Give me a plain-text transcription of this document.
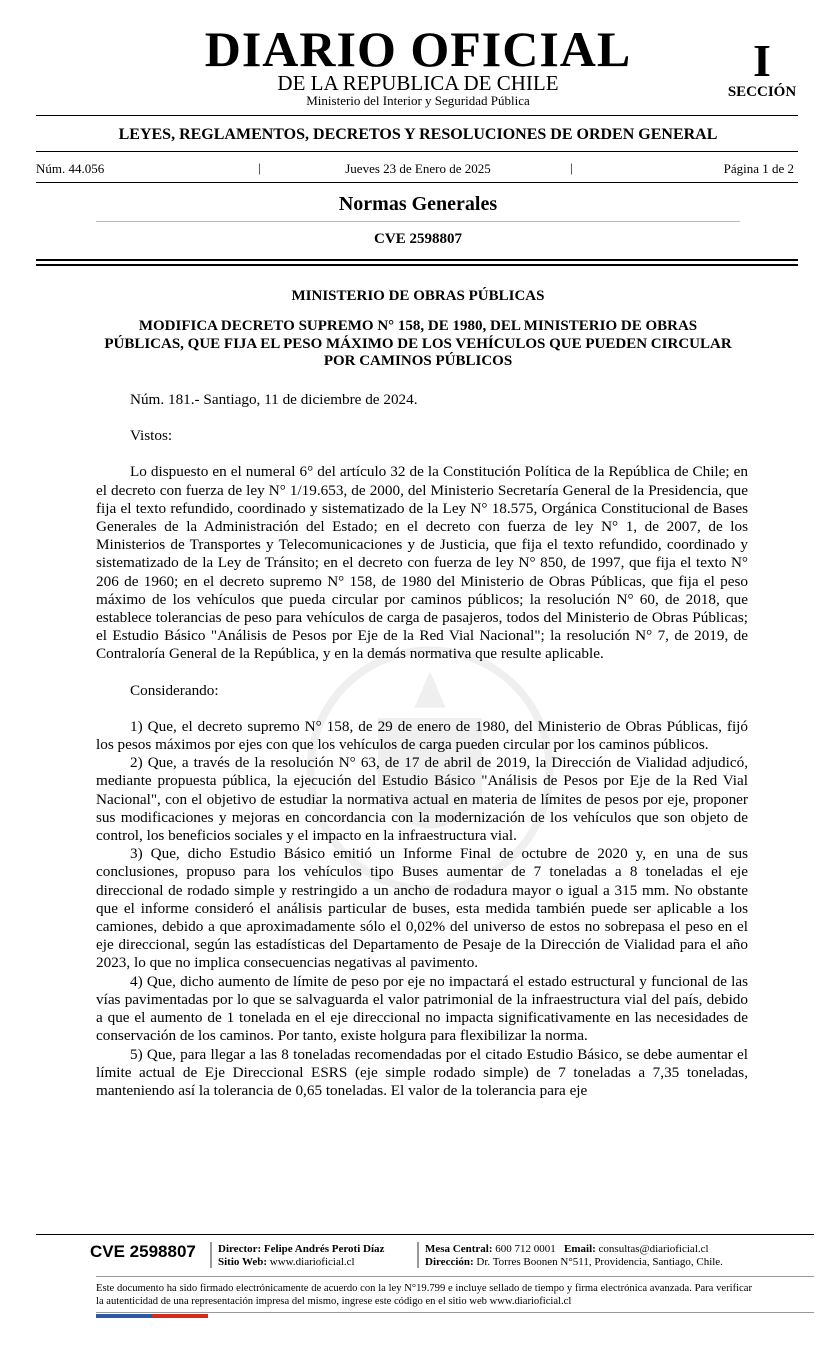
DIARIO OFICIAL
DE LA REPUBLICA DE CHILE
Ministerio del Interior y Seguridad Pública
I
SECCIÓN
LEYES, REGLAMENTOS, DECRETOS Y RESOLUCIONES DE ORDEN GENERAL
Núm. 44.056	|	Jueves 23 de Enero de 2025	|	Página 1 de 2
Normas Generales
CVE 2598807
MINISTERIO DE OBRAS PÚBLICAS
MODIFICA DECRETO SUPREMO N° 158, DE 1980, DEL MINISTERIO DE OBRAS PÚBLICAS, QUE FIJA EL PESO MÁXIMO DE LOS VEHÍCULOS QUE PUEDEN CIRCULAR POR CAMINOS PÚBLICOS

Núm. 181.- Santiago, 11 de diciembre de 2024.

Vistos:

Lo dispuesto en el numeral 6° del artículo 32 de la Constitución Política de la República de Chile; en el decreto con fuerza de ley N° 1/19.653, de 2000, del Ministerio Secretaría General de la Presidencia, que fija el texto refundido, coordinado y sistematizado de la Ley N° 18.575, Orgánica Constitucional de Bases Generales de la Administración del Estado; en el decreto con fuerza de ley N° 1, de 2007, de los Ministerios de Transportes y Telecomunicaciones y de Justicia, que fija el texto refundido, coordinado y sistematizado de la Ley de Tránsito; en el decreto con fuerza de ley N° 850, de 1997, que fija el texto N° 206 de 1960; en el decreto supremo N° 158, de 1980 del Ministerio de Obras Públicas, que fija el peso máximo de los vehículos que pueda circular por caminos públicos; la resolución N° 60, de 2018, que establece tolerancias de peso para vehículos de carga de pasajeros, todos del Ministerio de Obras Públicas; el Estudio Básico "Análisis de Pesos por Eje de la Red Vial Nacional"; la resolución N° 7, de 2019, de Contraloría General de la República, y en la demás normativa que resulte aplicable.

Considerando:

1) Que, el decreto supremo N° 158, de 29 de enero de 1980, del Ministerio de Obras Públicas, fijó los pesos máximos por ejes con que los vehículos de carga pueden circular por los caminos públicos.

2) Que, a través de la resolución N° 63, de 17 de abril de 2019, la Dirección de Vialidad adjudicó, mediante propuesta pública, la ejecución del Estudio Básico "Análisis de Pesos por Eje de la Red Vial Nacional", con el objetivo de estudiar la normativa actual en materia de límites de pesos por eje, proponer sus modificaciones y mejoras en concordancia con la modernización de los vehículos que son objeto de control, los beneficios sociales y el impacto en la infraestructura vial.

3) Que, dicho Estudio Básico emitió un Informe Final de octubre de 2020 y, en una de sus conclusiones, propuso para los vehículos tipo Buses aumentar de 7 toneladas a 8 toneladas el eje direccional de rodado simple y restringido a un ancho de rodadura mayor o igual a 315 mm. No obstante que el informe consideró el análisis particular de buses, esta medida también puede ser aplicable a los camiones, debido a que aproximadamente sólo el 0,02% del universo de estos no sobrepasa el peso en el eje direccional, según las estadísticas del Departamento de Pesaje de la Dirección de Vialidad para el año 2023, lo que no implica consecuencias negativas al pavimento.

4) Que, dicho aumento de límite de peso por eje no impactará el estado estructural y funcional de las vías pavimentadas por lo que se salvaguarda el valor patrimonial de la infraestructura vial del país, debido a que el aumento de 1 tonelada en el eje direccional no impacta significativamente en las necesidades de conservación de los caminos. Por tanto, existe holgura para flexibilizar la norma.

5) Que, para llegar a las 8 toneladas recomendadas por el citado Estudio Básico, se debe aumentar el límite actual de Eje Direccional ESRS (eje simple rodado simple) de 7 toneladas a 7,35 toneladas, manteniendo así la tolerancia de 0,65 toneladas. El valor de la tolerancia para eje

CVE 2598807 Director: Felipe Andrés Peroti Díaz
Sitio Web: www.diarioficial.cl
Mesa Central: 600 712 0001 Email: consultas@diarioficial.cl
Dirección: Dr. Torres Boonen N°511, Providencia, Santiago, Chile.
Este documento ha sido firmado electrónicamente de acuerdo con la ley N°19.799 e incluye sellado de tiempo y firma electrónica avanzada. Para verificar la autenticidad de una representación impresa del mismo, ingrese este código en el sitio web www.diarioficial.cl
